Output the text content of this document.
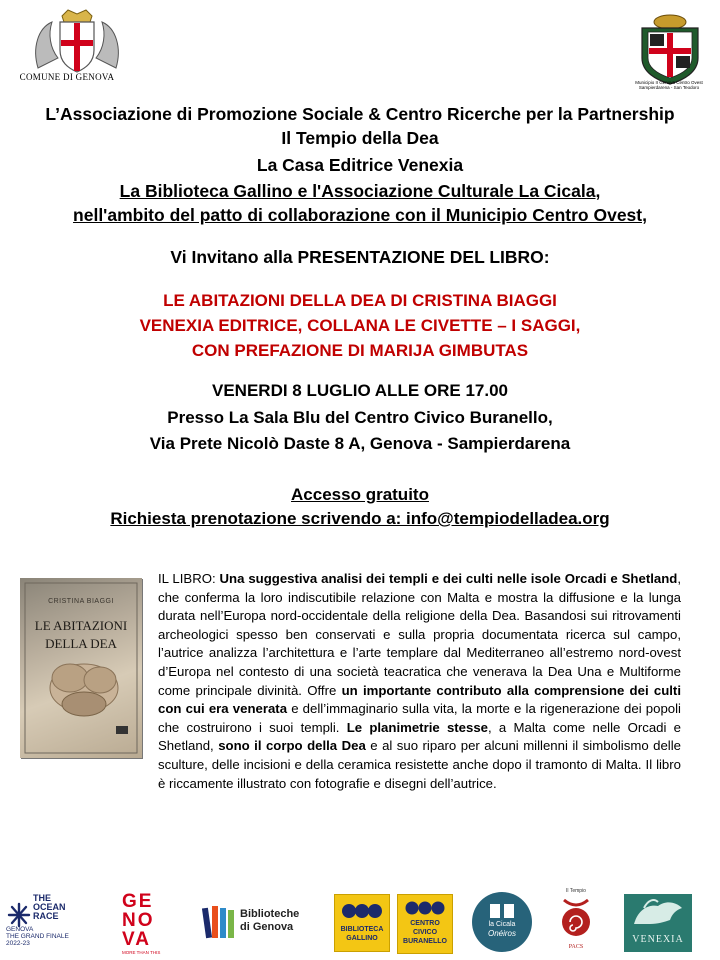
COMUNE DI GENOVA
Municipio II Genova Centro Ovest Sampierdarena - San Teodoro
L’Associazione di Promozione Sociale & Centro Ricerche per la Partnership
Il Tempio della Dea
La Casa Editrice Venexia
La Biblioteca Gallino e l'Associazione Culturale La Cicala,
nell'ambito del patto di collaborazione con il Municipio Centro Ovest,
Vi Invitano alla PRESENTAZIONE DEL LIBRO:
LE ABITAZIONI DELLA DEA DI CRISTINA BIAGGI
VENEXIA EDITRICE, COLLANA LE CIVETTE – I SAGGI,
CON PREFAZIONE DI MARIJA GIMBUTAS
VENERDI 8 LUGLIO ALLE ORE 17.00
Presso La Sala Blu del Centro Civico Buranello,
Via Prete Nicolò Daste 8 A, Genova - Sampierdarena
Accesso gratuito
Richiesta prenotazione scrivendo a: info@tempiodelladea.org
CRISTINA BIAGGI
LE ABITAZIONI
DELLA DEA

IL LIBRO: Una suggestiva analisi dei templi e dei culti nelle isole Orcadi e Shetland, che conferma la loro indiscutibile relazione con Malta e mostra la diffusione e la lunga durata nell’Europa nord-occidentale della religione della Dea. Basandosi sui ritrovamenti archeologici spesso ben conservati e sulla propria documentata ricerca sul campo, l’autrice analizza l’architettura e l’arte templare dal Mediterraneo all’estremo nord-ovest d’Europa nel contesto di una società teacratica che venerava la Dea Una e Multiforme come principale divinità. Offre un importante contributo alla comprensione dei culti con cui era venerata e dell’immaginario sulla vita, la morte e la rigenerazione dei popoli che costruirono i suoi templi. Le planimetrie stesse, a Malta come nelle Orcadi e Shetland, sono il corpo della Dea e al suo riparo per alcuni millenni il simbolismo delle sculture, delle incisioni e della ceramica resistette anche dopo il tramonto di Malta. Il libro è riccamente illustrato con fotografie e disegni dell’autrice.

THE
OCEAN
RACE
GENOVA
THE GRAND FINALE
2022-23
GE
NO
VA
MORE THAN THIS
Biblioteche
di Genova	BIBLIOTECA
GALLINO
CENTRO
CIVICO
BURANELLO
la Cicala
Onéiros
Il Tempio
PACS
VENEXIA
